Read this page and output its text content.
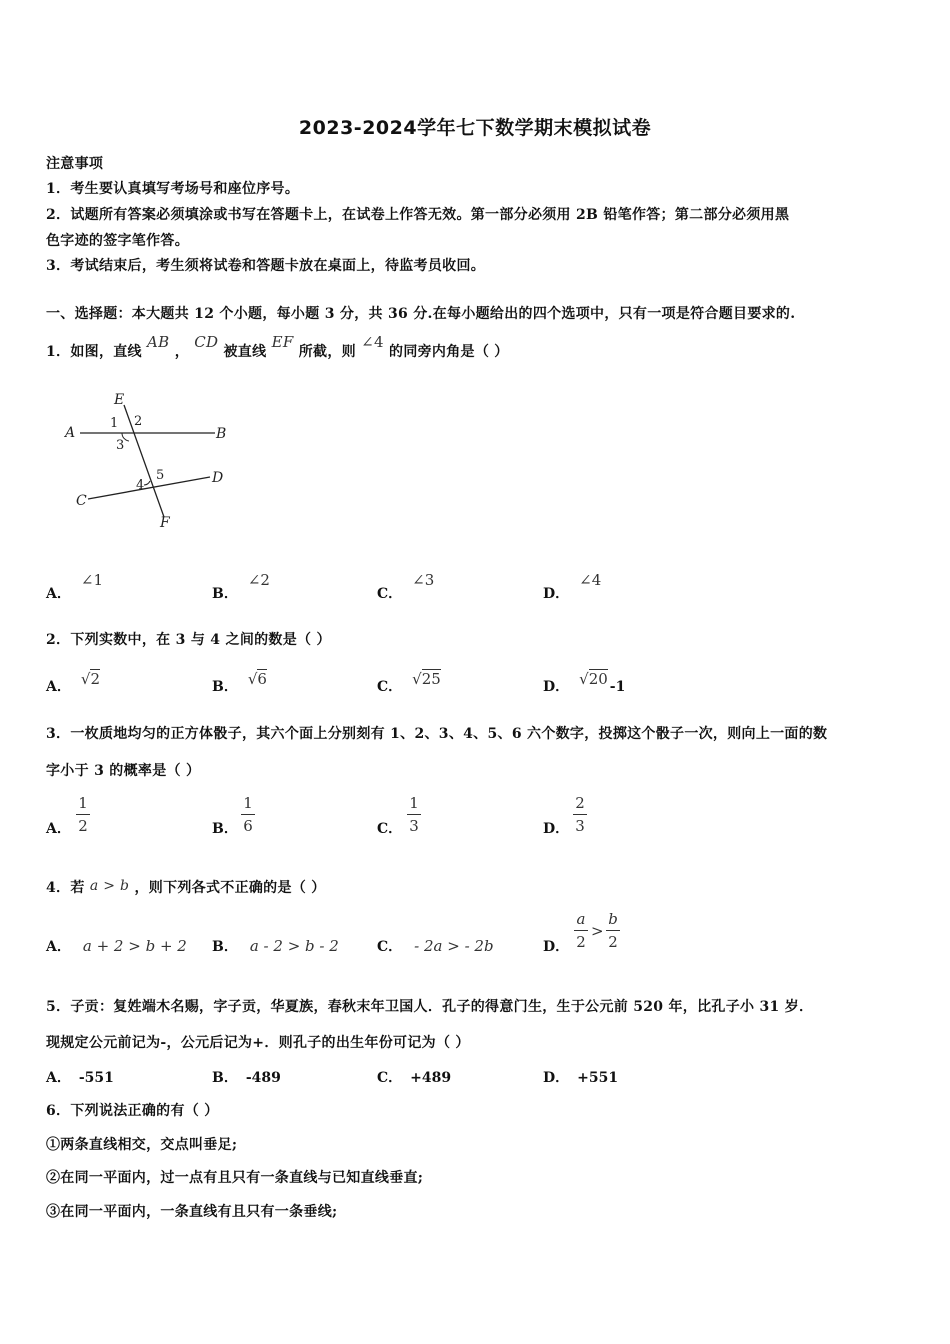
2023-2024学年七下数学期末模拟试卷
注意事项
1．考生要认真填写考场号和座位序号。
2．试题所有答案必须填涂或书写在答题卡上，在试卷上作答无效。第一部分必须用 2B 铅笔作答；第二部分必须用黑
色字迹的签字笔作答。
3．考试结束后，考生须将试卷和答题卡放在桌面上，待监考员收回。
一、选择题：本大题共 12 个小题，每小题 3 分，共 36 分.在每小题给出的四个选项中，只有一项是符合题目要求的.
1．如图，直线 AB ， CD 被直线 EF 所截，则 ∠4 的同旁内角是（ ）
E
A	B
C
D
F
1 2
3
4
5
A．∠1
B．∠2
C．∠3
D．∠4
2．下列实数中，在 3 与 4 之间的数是（ ）
A． √2	B． √6	C． √25	D． √20 -1
3．一枚质地均匀的正方体骰子，其六个面上分别刻有 1、2、3、4、5、6 六个数字，投掷这个骰子一次，则向上一面的数
字小于 3 的概率是（ ）
A．
1
2	B．
1
6	C．
1
3	D．
2
3
4．若 a > b ，则下列各式不正确的是（ ）
A． a + 2 > b + 2 B． a - 2 > b - 2	C． - 2a > - 2b	D．
a
2
>
b
2
5．子贡：复姓端木名赐，字子贡，华夏族，春秋末年卫国人．孔子的得意门生，生于公元前 520 年，比孔子小 31 岁．
现规定公元前记为-，公元后记为+．则孔子的出生年份可记为（ ）
A． -551	B． -489	C． +489	D． +551
6．下列说法正确的有（ ）
①两条直线相交，交点叫垂足;
②在同一平面内，过一点有且只有一条直线与已知直线垂直;
③在同一平面内，一条直线有且只有一条垂线;
